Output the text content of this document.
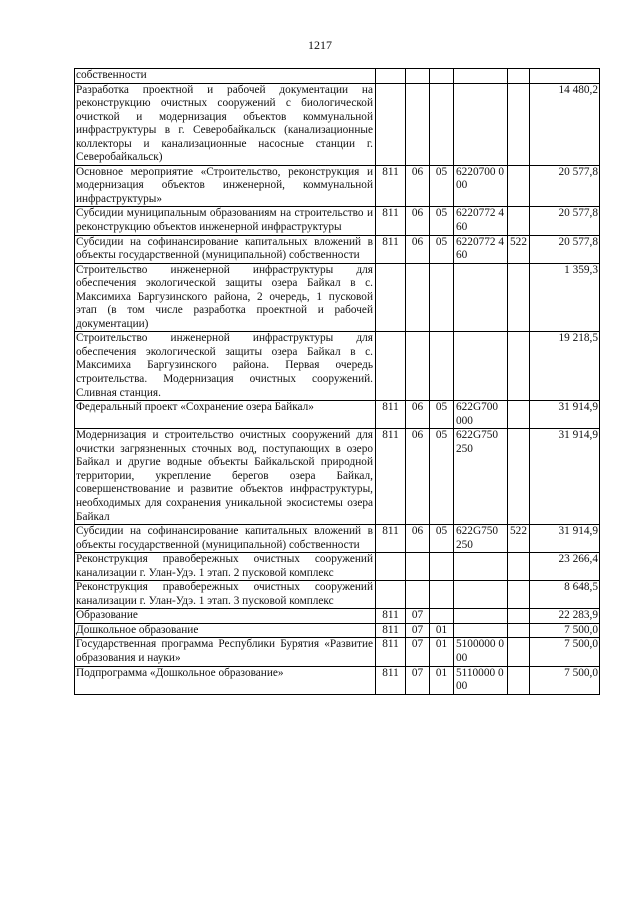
1217
собственности						
Разработка проектной и рабочей документации на реконструкцию очистных сооружений с биологической очисткой и модернизация объектов коммунальной инфраструктуры в г. Северобайкальск (канализационные коллекторы и канализационные насосные станции г. Северобайкальск)						14 480,2
Основное мероприятие «Строительство, реконструкция и модернизация объектов инженерной, коммунальной инфраструктуры»	811	06	05	6220700 000		20 577,8
Субсидии муниципальным образованиям на строительство и реконструкцию объектов инженерной инфраструктуры	811	06	05	6220772 460		20 577,8
Субсидии на софинансирование капитальных вложений в объекты государственной (муниципальной) собственности	811	06	05	6220772 460	522	20 577,8
Строительство инженерной инфраструктуры для обеспечения экологической защиты озера Байкал в с. Максимиха Баргузинского района, 2 очередь, 1 пусковой этап (в том числе разработка проектной и рабочей документации)						1 359,3
Строительство инженерной инфраструктуры для обеспечения экологической защиты озера Байкал в с. Максимиха Баргузинского района. Первая очередь строительства. Модернизация очистных сооружений. Сливная станция.						19 218,5
Федеральный проект «Сохранение озера Байкал»	811	06	05	622G700 000		31 914,9
Модернизация и строительство очистных сооружений для очистки загрязненных сточных вод, поступающих в озеро Байкал и другие водные объекты Байкальской природной территории, укрепление берегов озера Байкал, совершенствование и развитие объектов инфраструктуры, необходимых для сохранения уникальной экосистемы озера Байкал	811	06	05	622G750 250		31 914,9
Субсидии на софинансирование капитальных вложений в объекты государственной (муниципальной) собственности	811	06	05	622G750 250	522	31 914,9
Реконструкция правобережных очистных сооружений канализации г. Улан-Удэ. 1 этап. 2 пусковой комплекс						23 266,4
Реконструкция правобережных очистных сооружений канализации г. Улан-Удэ. 1 этап. 3 пусковой комплекс						8 648,5
Образование	811	07				22 283,9
Дошкольное образование	811	07	01			7 500,0
Государственная программа Республики Бурятия «Развитие образования и науки»	811	07	01	5100000 000		7 500,0
Подпрограмма «Дошкольное образование»	811	07	01	5110000 000		7 500,0
